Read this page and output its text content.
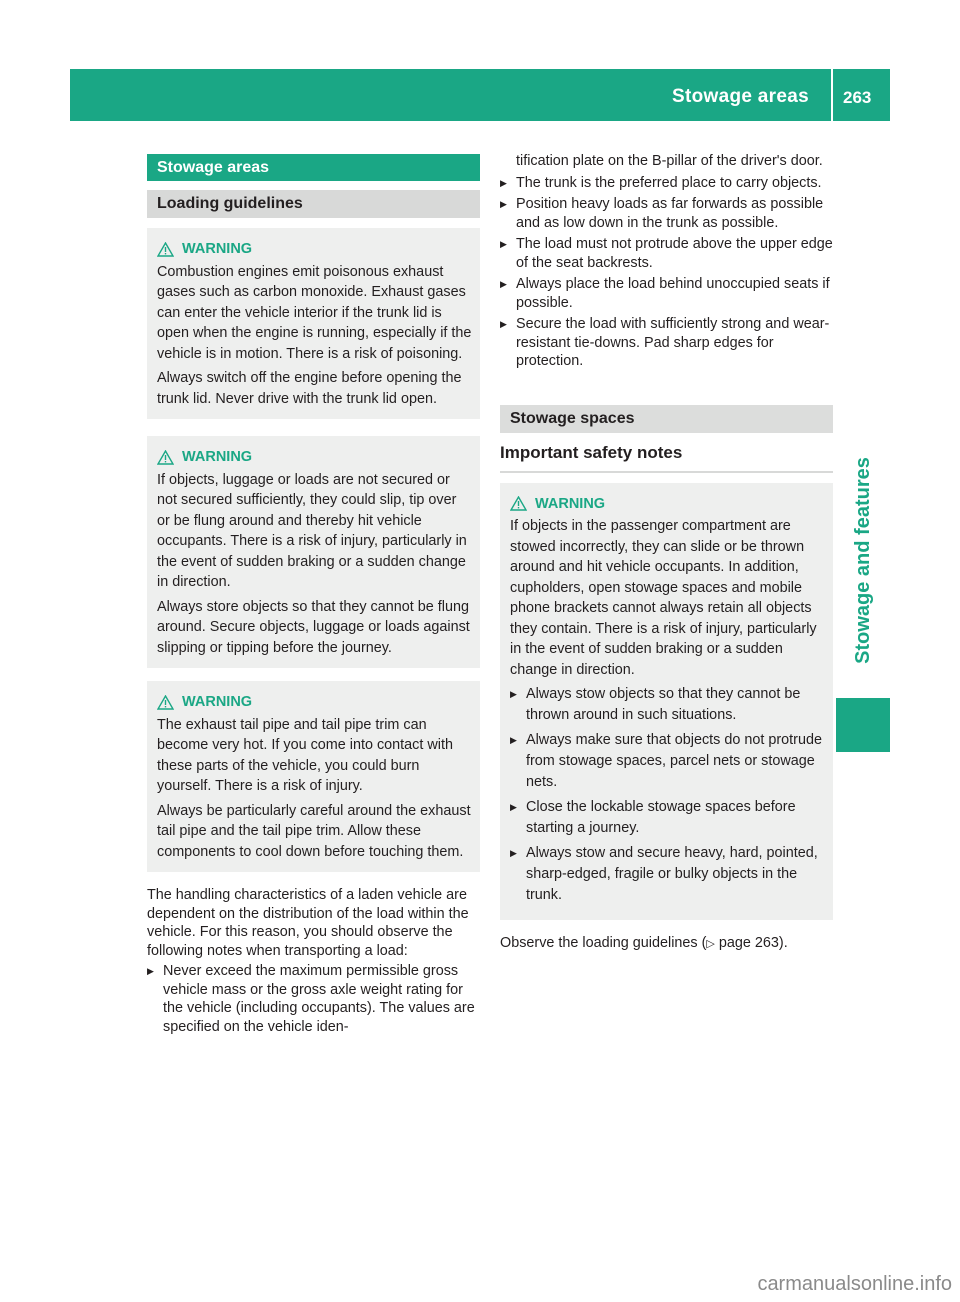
Stowage areas 263
Stowage and features
Stowage areas
Loading guidelines
WARNING

Combustion engines emit poisonous exhaust gases such as carbon monoxide. Exhaust gases can enter the vehicle interior if the trunk lid is open when the engine is running, especially if the vehicle is in motion. There is a risk of poisoning.

Always switch off the engine before opening the trunk lid. Never drive with the trunk lid open.

WARNING

If objects, luggage or loads are not secured or not secured sufficiently, they could slip, tip over or be flung around and thereby hit vehicle occupants. There is a risk of injury, particularly in the event of sudden braking or a sudden change in direction.

Always store objects so that they cannot be flung around. Secure objects, luggage or loads against slipping or tipping before the journey.

WARNING

The exhaust tail pipe and tail pipe trim can become very hot. If you come into contact with these parts of the vehicle, you could burn yourself. There is a risk of injury.

Always be particularly careful around the exhaust tail pipe and the tail pipe trim. Allow these components to cool down before touching them.

The handling characteristics of a laden vehicle are dependent on the distribution of the load within the vehicle. For this reason, you should observe the following notes when transporting a load:

▶ Never exceed the maximum permissible gross vehicle mass or the gross axle weight rating for the vehicle (including occupants). The values are specified on the vehicle iden-

tification plate on the B-pillar of the driver's door.

▶ The trunk is the preferred place to carry objects.
▶ Position heavy loads as far forwards as possible and as low down in the trunk as possible.
▶ The load must not protrude above the upper edge of the seat backrests.
▶ Always place the load behind unoccupied seats if possible.
▶ Secure the load with sufficiently strong and wear-resistant tie-downs. Pad sharp edges for protection.
Stowage spaces
Important safety notes
WARNING

If objects in the passenger compartment are stowed incorrectly, they can slide or be thrown around and hit vehicle occupants. In addition, cupholders, open stowage spaces and mobile phone brackets cannot always retain all objects they contain. There is a risk of injury, particularly in the event of sudden braking or a sudden change in direction.

▶ Always stow objects so that they cannot be thrown around in such situations.
▶ Always make sure that objects do not protrude from stowage spaces, parcel nets or stowage nets.
▶ Close the lockable stowage spaces before starting a journey.
▶ Always stow and secure heavy, hard, pointed, sharp-edged, fragile or bulky objects in the trunk.

Observe the loading guidelines (▷ page 263).

carmanualsonline.info
